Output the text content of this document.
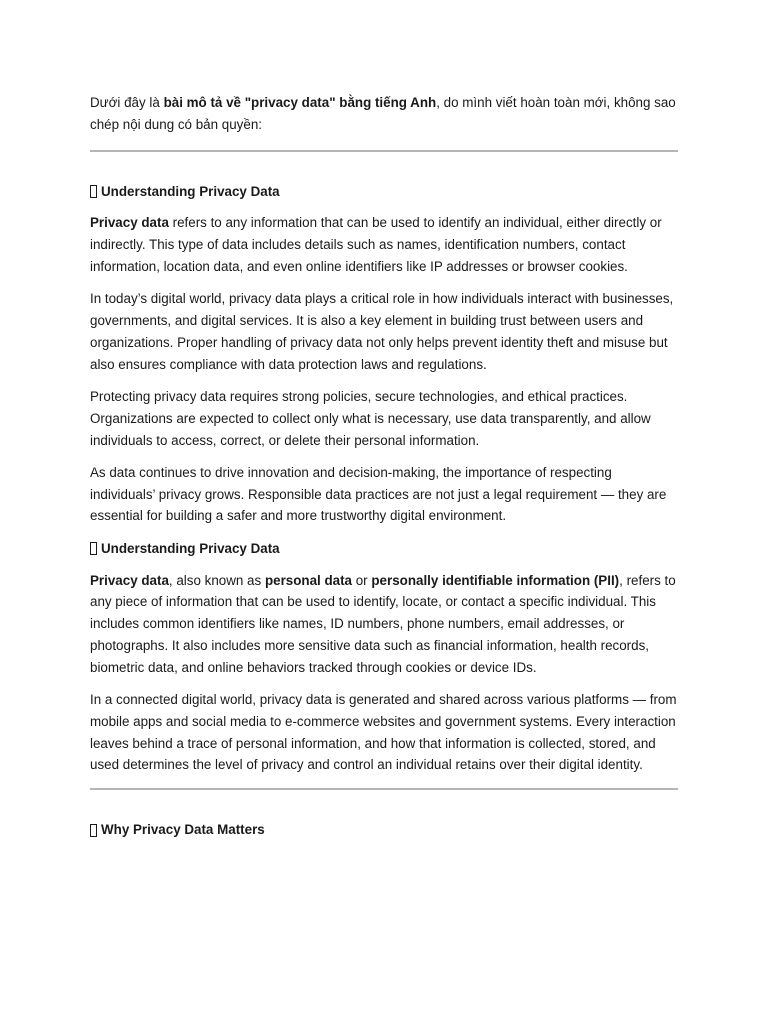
Dưới đây là bài mô tả về "privacy data" bằng tiếng Anh, do mình viết hoàn toàn mới, không sao chép nội dung có bản quyền:

Understanding Privacy Data

Privacy data refers to any information that can be used to identify an individual, either directly or indirectly. This type of data includes details such as names, identification numbers, contact information, location data, and even online identifiers like IP addresses or browser cookies.

In today’s digital world, privacy data plays a critical role in how individuals interact with businesses, governments, and digital services. It is also a key element in building trust between users and organizations. Proper handling of privacy data not only helps prevent identity theft and misuse but also ensures compliance with data protection laws and regulations.

Protecting privacy data requires strong policies, secure technologies, and ethical practices. Organizations are expected to collect only what is necessary, use data transparently, and allow individuals to access, correct, or delete their personal information.

As data continues to drive innovation and decision-making, the importance of respecting individuals’ privacy grows. Responsible data practices are not just a legal requirement — they are essential for building a safer and more trustworthy digital environment.

Understanding Privacy Data

Privacy data, also known as personal data or personally identifiable information (PII), refers to any piece of information that can be used to identify, locate, or contact a specific individual. This includes common identifiers like names, ID numbers, phone numbers, email addresses, or photographs. It also includes more sensitive data such as financial information, health records, biometric data, and online behaviors tracked through cookies or device IDs.

In a connected digital world, privacy data is generated and shared across various platforms — from mobile apps and social media to e-commerce websites and government systems. Every interaction leaves behind a trace of personal information, and how that information is collected, stored, and used determines the level of privacy and control an individual retains over their digital identity.

Why Privacy Data Matters
